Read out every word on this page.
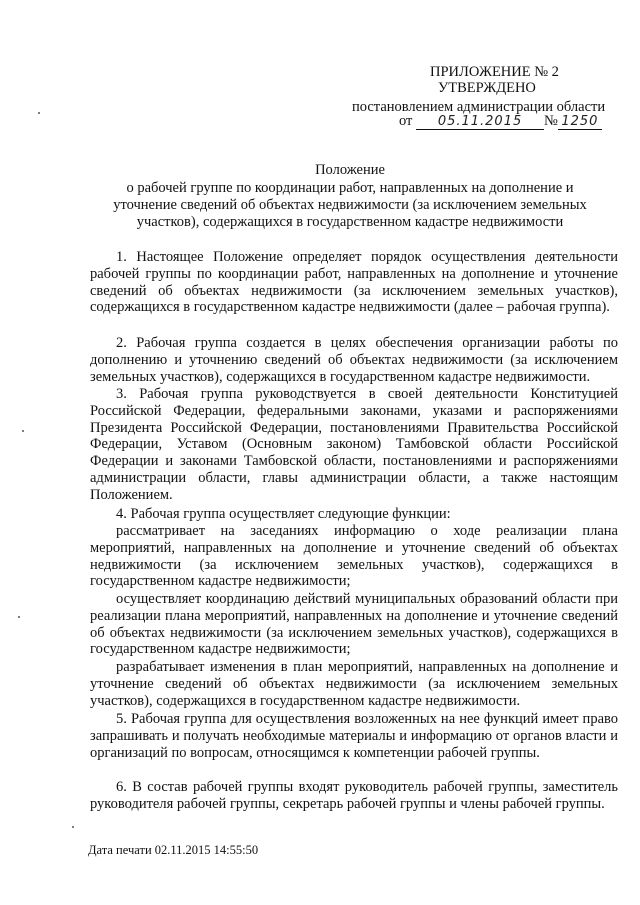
ПРИЛОЖЕНИЕ № 2
УТВЕРЖДЕНО
постановлением администрации области
от 05.11.2015 № 1250
Положение
о рабочей группе по координации работ, направленных на дополнение и
уточнение сведений об объектах недвижимости (за исключением земельных
участков), содержащихся в государственном кадастре недвижимости
1. Настоящее Положение определяет порядок осуществления деятельности рабочей группы по координации работ, направленных на дополнение и уточнение сведений об объектах недвижимости (за исключением земельных участков), содержащихся в государственном кадастре недвижимости (далее – рабочая группа).
2. Рабочая группа создается в целях обеспечения организации работы по дополнению и уточнению сведений об объектах недвижимости (за исключением земельных участков), содержащихся в государственном кадастре недвижимости.
3. Рабочая группа руководствуется в своей деятельности Конституцией Российской Федерации, федеральными законами, указами и распоряжениями Президента Российской Федерации, постановлениями Правительства Российской Федерации, Уставом (Основным законом) Тамбовской области Российской Федерации и законами Тамбовской области, постановлениями и распоряжениями администрации области, главы администрации области, а также настоящим Положением.
4. Рабочая группа осуществляет следующие функции:
рассматривает на заседаниях информацию о ходе реализации плана мероприятий, направленных на дополнение и уточнение сведений об объектах недвижимости (за исключением земельных участков), содержащихся в государственном кадастре недвижимости;
осуществляет координацию действий муниципальных образований области при реализации плана мероприятий, направленных на дополнение и уточнение сведений об объектах недвижимости (за исключением земельных участков), содержащихся в государственном кадастре недвижимости;
разрабатывает изменения в план мероприятий, направленных на дополнение и уточнение сведений об объектах недвижимости (за исключением земельных участков), содержащихся в государственном кадастре недвижимости.
5. Рабочая группа для осуществления возложенных на нее функций имеет право запрашивать и получать необходимые материалы и информацию от органов власти и организаций по вопросам, относящимся к компетенции рабочей группы.
6. В состав рабочей группы входят руководитель рабочей группы, заместитель руководителя рабочей группы, секретарь рабочей группы и члены рабочей группы.
Дата печати 02.11.2015 14:55:50
